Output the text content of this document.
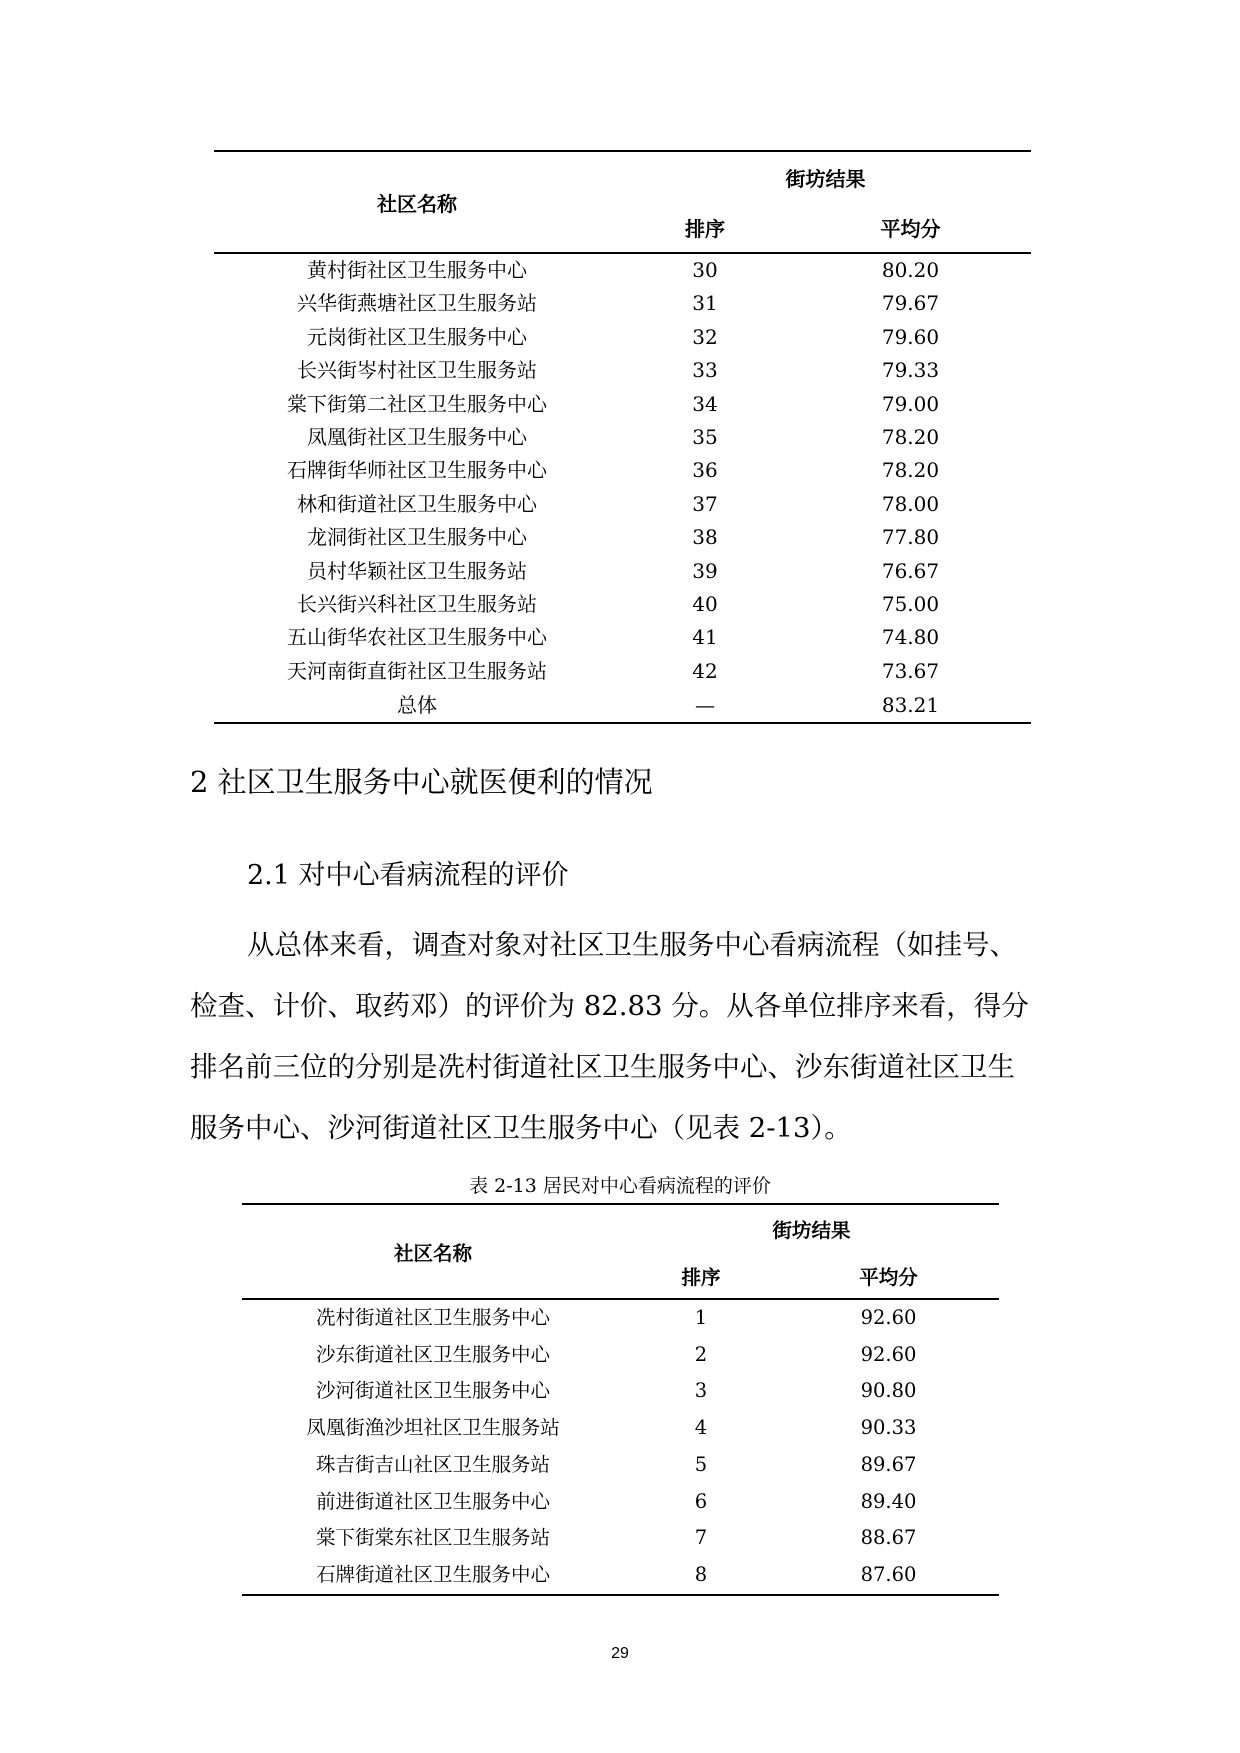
社区名称	街坊结果	
	排序	平均分
黄村街社区卫生服务中心	30	80.20
兴华街燕塘社区卫生服务站	31	79.67
元岗街社区卫生服务中心	32	79.60
长兴街岑村社区卫生服务站	33	79.33
棠下街第二社区卫生服务中心	34	79.00
凤凰街社区卫生服务中心	35	78.20
石牌街华师社区卫生服务中心	36	78.20
林和街道社区卫生服务中心	37	78.00
龙洞街社区卫生服务中心	38	77.80
员村华颖社区卫生服务站	39	76.67
长兴街兴科社区卫生服务站	40	75.00
五山街华农社区卫生服务中心	41	74.80
天河南街直街社区卫生服务站	42	73.67
总体	—	83.21
2 社区卫生服务中心就医便利的情况
2.1 对中心看病流程的评价

从总体来看，调查对象对社区卫生服务中心看病流程（如挂号、

检查、计价、取药邓）的评价为 82.83 分。从各单位排序来看，得分

排名前三位的分别是冼村街道社区卫生服务中心、沙东街道社区卫生

服务中心、沙河街道社区卫生服务中心（见表 2-13）。

表 2-13 居民对中心看病流程的评价
社区名称	街坊结果	
	排序	平均分
冼村街道社区卫生服务中心	1	92.60
沙东街道社区卫生服务中心	2	92.60
沙河街道社区卫生服务中心	3	90.80
凤凰街渔沙坦社区卫生服务站	4	90.33
珠吉街吉山社区卫生服务站	5	89.67
前进街道社区卫生服务中心	6	89.40
棠下街棠东社区卫生服务站	7	88.67
石牌街道社区卫生服务中心	8	87.60
29
